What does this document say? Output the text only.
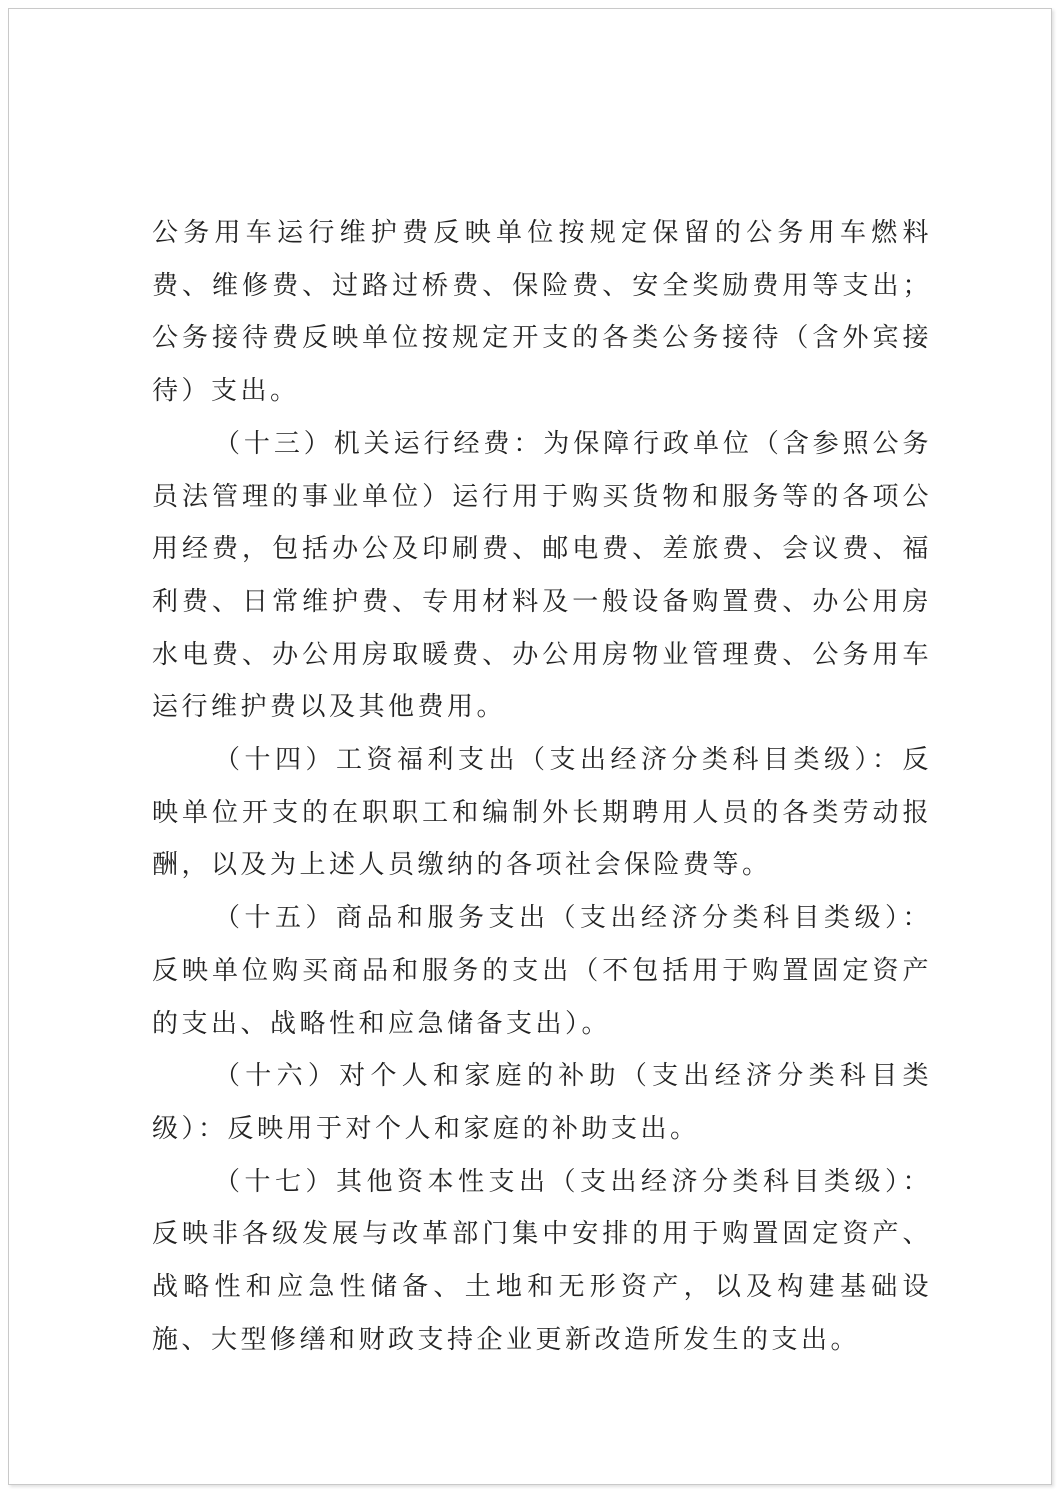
公务用车运行维护费反映单位按规定保留的公务用车燃料费、维修费、过路过桥费、保险费、安全奖励费用等支出；公务接待费反映单位按规定开支的各类公务接待（含外宾接待）支出。

（十三）机关运行经费：为保障行政单位（含参照公务员法管理的事业单位）运行用于购买货物和服务等的各项公用经费，包括办公及印刷费、邮电费、差旅费、会议费、福利费、日常维护费、专用材料及一般设备购置费、办公用房水电费、办公用房取暖费、办公用房物业管理费、公务用车运行维护费以及其他费用。

（十四）工资福利支出（支出经济分类科目类级）：反映单位开支的在职职工和编制外长期聘用人员的各类劳动报酬，以及为上述人员缴纳的各项社会保险费等。

（十五）商品和服务支出（支出经济分类科目类级）：反映单位购买商品和服务的支出（不包括用于购置固定资产的支出、战略性和应急储备支出）。

（十六）对个人和家庭的补助（支出经济分类科目类级）：反映用于对个人和家庭的补助支出。

（十七）其他资本性支出（支出经济分类科目类级）：反映非各级发展与改革部门集中安排的用于购置固定资产、战略性和应急性储备、土地和无形资产，以及构建基础设施、大型修缮和财政支持企业更新改造所发生的支出。
